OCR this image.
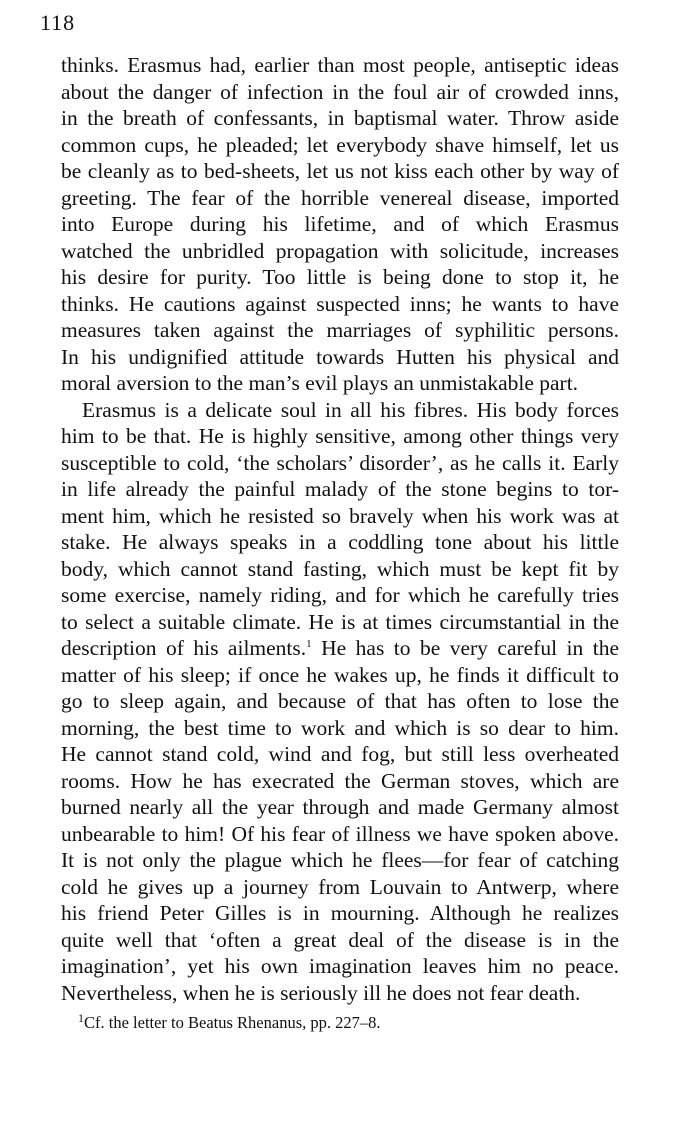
118
thinks. Erasmus had, earlier than most people, antiseptic ideas
about the danger of infection in the foul air of crowded inns,
in the breath of confessants, in baptismal water. Throw aside
common cups, he pleaded; let everybody shave himself, let us
be cleanly as to bed-sheets, let us not kiss each other by way of
greeting. The fear of the horrible venereal disease, imported
into Europe during his lifetime, and of which Erasmus
watched the unbridled propagation with solicitude, increases
his desire for purity. Too little is being done to stop it, he
thinks. He cautions against suspected inns; he wants to have
measures taken against the marriages of syphilitic persons.
In his undignified attitude towards Hutten his physical and
moral aversion to the man’s evil plays an unmistakable part.
Erasmus is a delicate soul in all his fibres. His body forces
him to be that. He is highly sensitive, among other things very
susceptible to cold, ‘the scholars’ disorder’, as he calls it. Early
in life already the painful malady of the stone begins to tor-
ment him, which he resisted so bravely when his work was at
stake. He always speaks in a coddling tone about his little
body, which cannot stand fasting, which must be kept fit by
some exercise, namely riding, and for which he carefully tries
to select a suitable climate. He is at times circumstantial in the
description of his ailments.$^1$ He has to be very careful in the
matter of his sleep; if once he wakes up, he finds it difficult to
go to sleep again, and because of that has often to lose the
morning, the best time to work and which is so dear to him.
He cannot stand cold, wind and fog, but still less overheated
rooms. How he has execrated the German stoves, which are
burned nearly all the year through and made Germany almost
unbearable to him! Of his fear of illness we have spoken above.
It is not only the plague which he flees—for fear of catching
cold he gives up a journey from Louvain to Antwerp, where
his friend Peter Gilles is in mourning. Although he realizes
quite well that ‘often a great deal of the disease is in the
imagination’, yet his own imagination leaves him no peace.
Nevertheless, when he is seriously ill he does not fear death.
$^1$Cf. the letter to Beatus Rhenanus, pp. 227–8.
